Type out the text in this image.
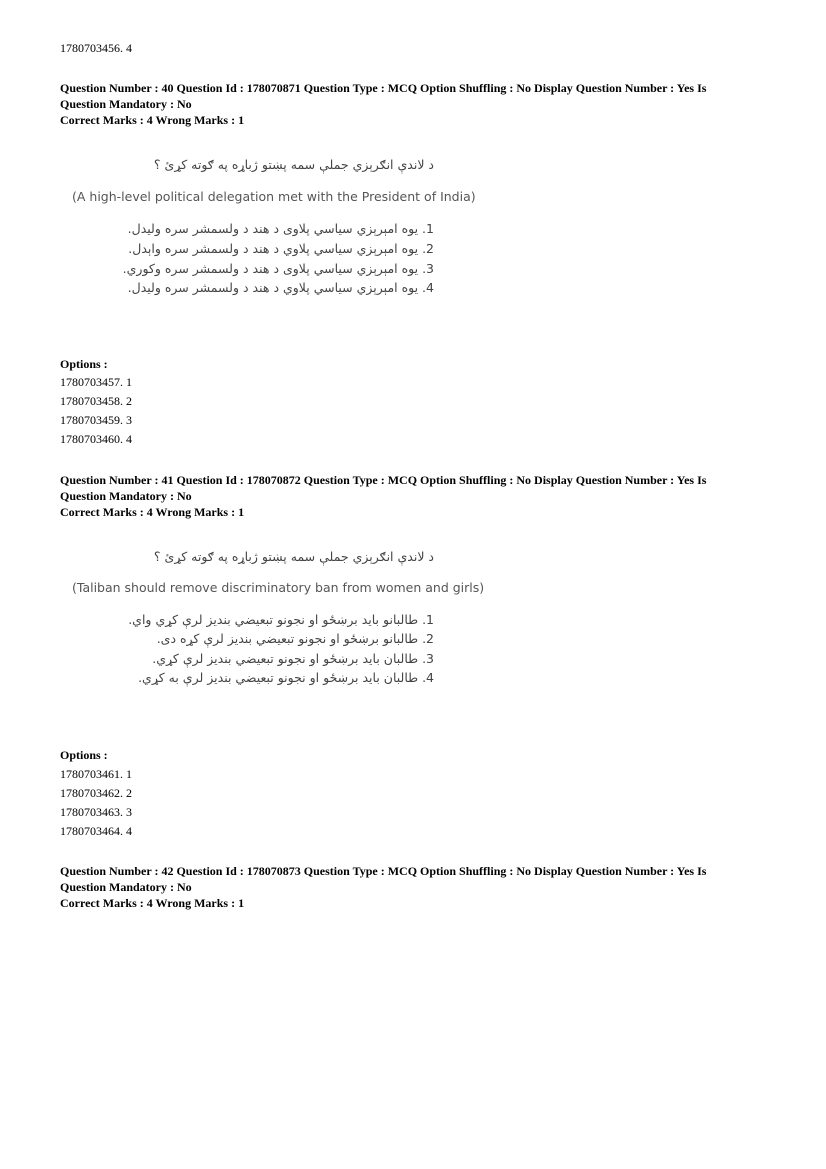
1780703456. 4
Question Number : 40 Question Id : 178070871 Question Type : MCQ Option Shuffling : No Display Question Number : Yes Is
Question Mandatory : No
Correct Marks : 4 Wrong Marks : 1
د لاندې انګرېزي جملې سمه پښتو ژباړه په ګوته کړئ ؟
(A high-level political delegation met with the President of India)
1. یوه امېرېزي سیاسي پلاوی د هند د ولسمشر سره ولیدل.
2. یوه امېرېزي سیاسي پلاوي د هند د ولسمشر سره واېدل.
3. یوه امېرېزي سیاسي پلاوی د هند د ولسمشر سره وکوري.
4. یوه امېرېزي سیاسي پلاوي د هند د ولسمشر سره ولیدل.
Options :
1780703457. 1
1780703458. 2
1780703459. 3
1780703460. 4
Question Number : 41 Question Id : 178070872 Question Type : MCQ Option Shuffling : No Display Question Number : Yes Is
Question Mandatory : No
Correct Marks : 4 Wrong Marks : 1
د لاندې انګرېزي جملې سمه پښتو ژباړه په ګوته کړئ ؟
(Taliban should remove discriminatory ban from women and girls)
1. طالبانو باید برښځو او نجونو تبعیضي بندیز لرې کړي واي.
2. طالبانو برښځو او نجونو تبعیضي بندیز لرې کړه دی.
3. طالبان باید برښځو او نجونو تبعیضي بندیز لرې کړي.
4. طالبان باید برښځو او نجونو تبعیضي بندیز لرې به کړي.
Options :
1780703461. 1
1780703462. 2
1780703463. 3
1780703464. 4
Question Number : 42 Question Id : 178070873 Question Type : MCQ Option Shuffling : No Display Question Number : Yes Is
Question Mandatory : No
Correct Marks : 4 Wrong Marks : 1
